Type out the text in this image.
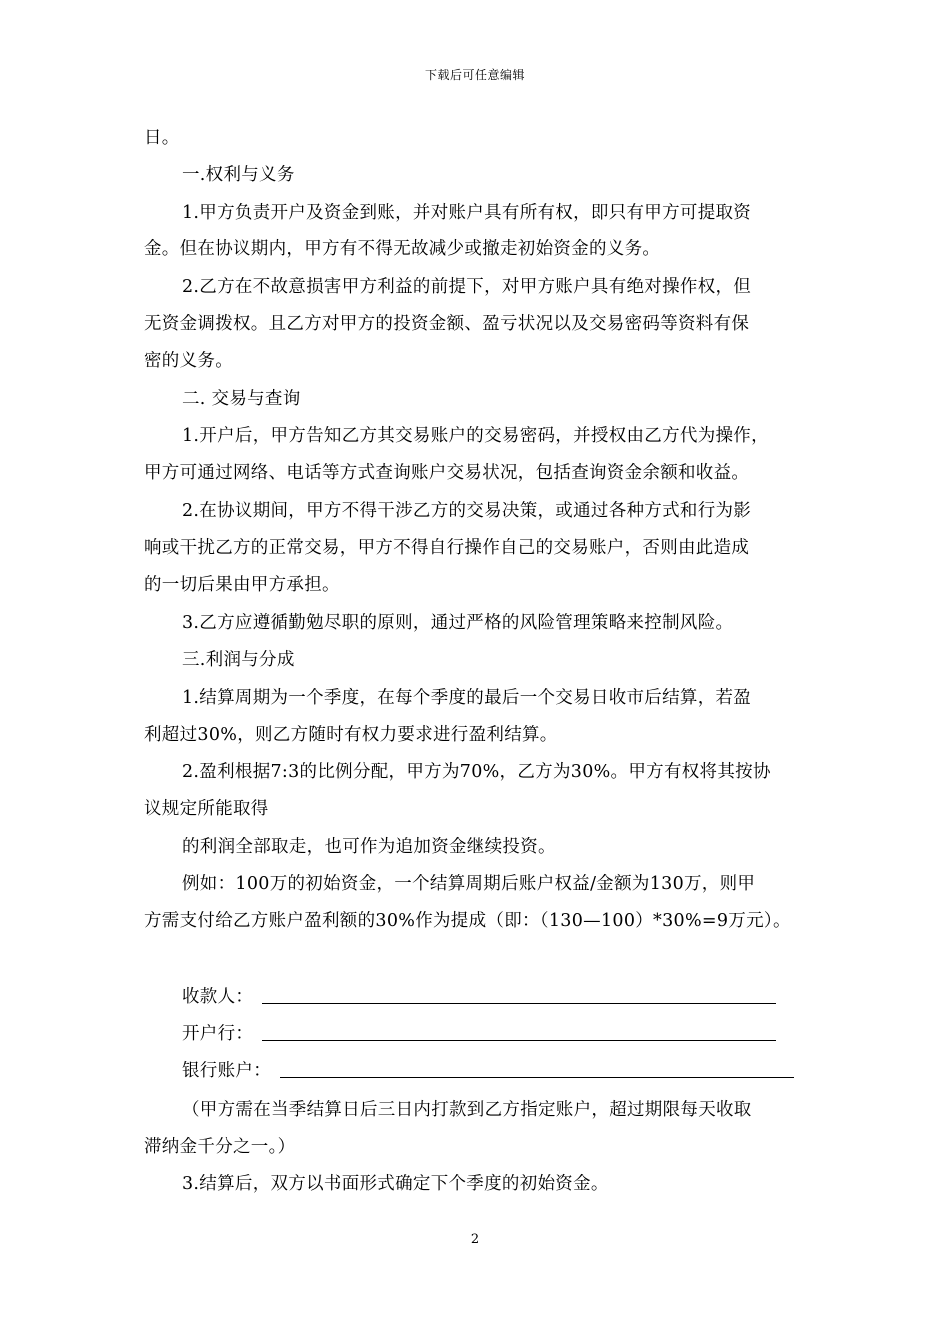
下载后可任意编辑
日。
一.权利与义务
1.甲方负责开户及资金到账，并对账户具有所有权，即只有甲方可提取资
金。但在协议期内，甲方有不得无故减少或撤走初始资金的义务。
2.乙方在不故意损害甲方利益的前提下，对甲方账户具有绝对操作权，但
无资金调拨权。且乙方对甲方的投资金额、盈亏状况以及交易密码等资料有保
密的义务。
二. 交易与查询
1.开户后，甲方告知乙方其交易账户的交易密码，并授权由乙方代为操作，
甲方可通过网络、电话等方式查询账户交易状况，包括查询资金余额和收益。
2.在协议期间，甲方不得干涉乙方的交易决策，或通过各种方式和行为影
响或干扰乙方的正常交易，甲方不得自行操作自己的交易账户，否则由此造成
的一切后果由甲方承担。
3.乙方应遵循勤勉尽职的原则，通过严格的风险管理策略来控制风险。
三.利润与分成
1.结算周期为一个季度，在每个季度的最后一个交易日收市后结算，若盈
利超过30%，则乙方随时有权力要求进行盈利结算。
2.盈利根据7:3的比例分配，甲方为70%，乙方为30%。甲方有权将其按协
议规定所能取得
的利润全部取走，也可作为追加资金继续投资。
例如：100万的初始资金，一个结算周期后账户权益/金额为130万，则甲
方需支付给乙方账户盈利额的30%作为提成（即：（130—100）*30%=9万元）。
收款人：
开户行：
银行账户：
（甲方需在当季结算日后三日内打款到乙方指定账户，超过期限每天收取
滞纳金千分之一。）
3.结算后，双方以书面形式确定下个季度的初始资金。
2
